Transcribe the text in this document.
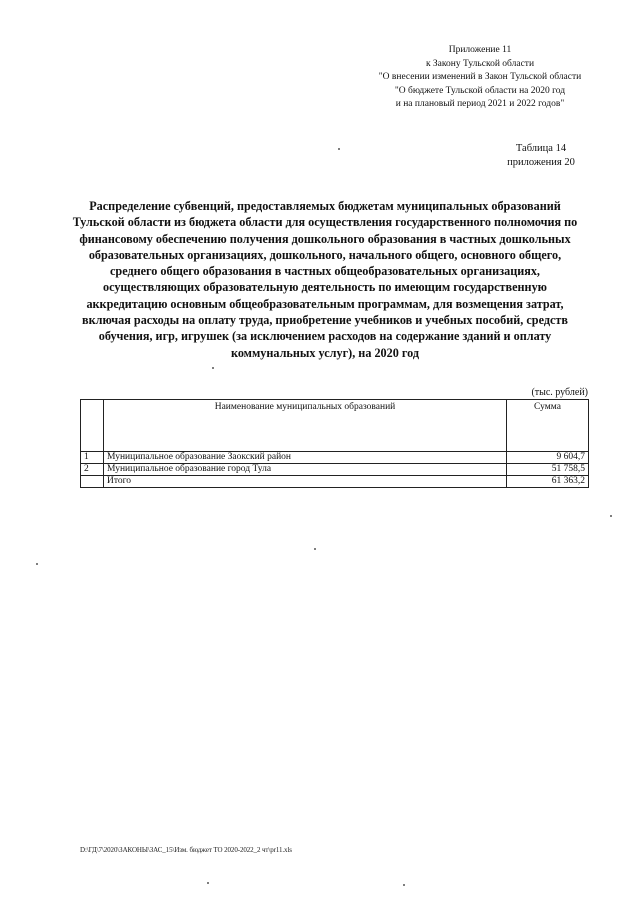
Приложение 11
к Закону Тульской области
"О внесении изменений в Закон Тульской области
"О бюджете Тульской области на 2020 год
и на плановый период 2021 и 2022 годов"
Таблица 14
приложения 20
Распределение субвенций, предоставляемых бюджетам муниципальных образований Тульской области из бюджета области для осуществления государственного полномочия по финансовому обеспечению получения дошкольного образования в частных дошкольных образовательных организациях, дошкольного, начального общего, основного общего, среднего общего образования в частных общеобразовательных организациях, осуществляющих образовательную деятельность по имеющим государственную аккредитацию основным общеобразовательным программам, для возмещения затрат, включая расходы на оплату труда, приобретение учебников и учебных пособий, средств обучения, игр, игрушек (за исключением расходов на содержание зданий и оплату коммунальных услуг), на 2020 год
(тыс. рублей)
	Наименование муниципальных образований	Сумма
1	Муниципальное образование Заокский район	9 604,7
2	Муниципальное образование город Тула	51 758,5
	Итого	61 363,2
D:\ГД\7\2020\ЗАКОНЫ\ЗАС_15\Изм. бюджет ТО 2020-2022_2 чт\pr11.xls
